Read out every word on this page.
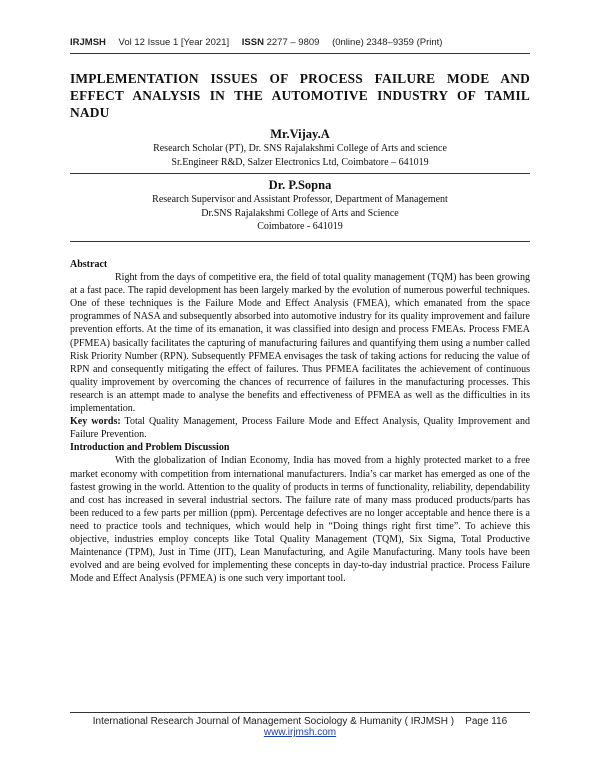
IRJMSH Vol 12 Issue 1 [Year 2021] ISSN 2277 – 9809 (0nline) 2348–9359 (Print)
IMPLEMENTATION ISSUES OF PROCESS FAILURE MODE AND EFFECT ANALYSIS IN THE AUTOMOTIVE INDUSTRY OF TAMIL NADU
Mr.Vijay.A
Research Scholar (PT), Dr. SNS Rajalakshmi College of Arts and science
Sr.Engineer R&D, Salzer Electronics Ltd, Coimbatore – 641019
Dr. P.Sopna
Research Supervisor and Assistant Professor, Department of Management
Dr.SNS Rajalakshmi College of Arts and Science
Coimbatore - 641019
Abstract

Right from the days of competitive era, the field of total quality management (TQM) has been growing at a fast pace. The rapid development has been largely marked by the evolution of numerous powerful techniques. One of these techniques is the Failure Mode and Effect Analysis (FMEA), which emanated from the space programmes of NASA and subsequently absorbed into automotive industry for its quality improvement and failure prevention efforts. At the time of its emanation, it was classified into design and process FMEAs. Process FMEA (PFMEA) basically facilitates the capturing of manufacturing failures and quantifying them using a number called Risk Priority Number (RPN). Subsequently PFMEA envisages the task of taking actions for reducing the value of RPN and consequently mitigating the effect of failures. Thus PFMEA facilitates the achievement of continuous quality improvement by overcoming the chances of recurrence of failures in the manufacturing processes. This research is an attempt made to analyse the benefits and effectiveness of PFMEA as well as the difficulties in its implementation.

Key words: Total Quality Management, Process Failure Mode and Effect Analysis, Quality Improvement and Failure Prevention.

Introduction and Problem Discussion

With the globalization of Indian Economy, India has moved from a highly protected market to a free market economy with competition from international manufacturers. India’s car market has emerged as one of the fastest growing in the world. Attention to the quality of products in terms of functionality, reliability, dependability and cost has increased in several industrial sectors. The failure rate of many mass produced products/parts has been reduced to a few parts per million (ppm). Percentage defectives are no longer acceptable and hence there is a need to practice tools and techniques, which would help in “Doing things right first time”. To achieve this objective, industries employ concepts like Total Quality Management (TQM), Six Sigma, Total Productive Maintenance (TPM), Just in Time (JIT), Lean Manufacturing, and Agile Manufacturing. Many tools have been evolved and are being evolved for implementing these concepts in day-to-day industrial practice. Process Failure Mode and Effect Analysis (PFMEA) is one such very important tool.

International Research Journal of Management Sociology & Humanity ( IRJMSH ) Page 116
www.irjmsh.com
